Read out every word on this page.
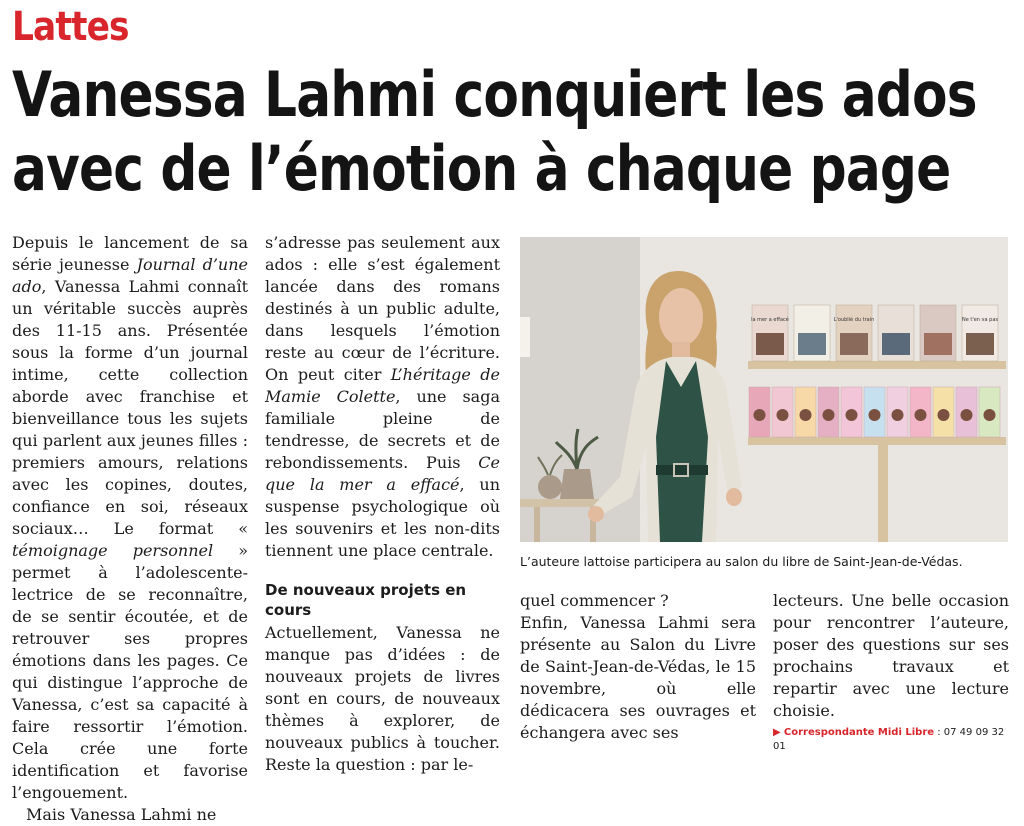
Lattes
Vanessa Lahmi conquiert les ados
avec de l’émotion à chaque page

Depuis le lancement de sa série jeunesse Journal d’une ado, Vanessa Lahmi connaît un véritable succès auprès des 11-15 ans. Présentée sous la forme d’un journal intime, cette collection aborde avec franchise et bienveillance tous les sujets qui parlent aux jeunes filles : premiers amours, relations avec les copines, doutes, confiance en soi, réseaux sociaux… Le format « témoignage personnel » permet à l’adolescente-lectrice de se reconnaître, de se sentir écoutée, et de retrouver ses propres émotions dans les pages. Ce qui distingue l’approche de Vanessa, c’est sa capacité à faire ressortir l’émotion. Cela crée une forte identification et favorise l’engouement.

Mais Vanessa Lahmi ne

s’adresse pas seulement aux ados : elle s’est également lancée dans des romans destinés à un public adulte, dans lesquels l’émotion reste au cœur de l’écriture. On peut citer L’héritage de Mamie Colette, une saga familiale pleine de tendresse, de secrets et de rebondissements. Puis Ce que la mer a effacé, un suspense psychologique où les souvenirs et les non-dits tiennent une place centrale.

De nouveaux projets en cours

Actuellement, Vanessa ne manque pas d’idées : de nouveaux projets de livres sont en cours, de nouveaux thèmes à explorer, de nouveaux publics à toucher. Reste la question : par le-

la mer a effacé	L'oublié du train	Ne t'en va pas
L’auteure lattoise participera au salon du libre de Saint-Jean-de-Védas.

quel commencer ?

Enfin, Vanessa Lahmi sera présente au Salon du Livre de Saint-Jean-de-Védas, le 15 novembre, où elle dédicacera ses ouvrages et échangera avec ses

lecteurs. Une belle occasion pour rencontrer l’auteure, poser des questions sur ses prochains travaux et repartir avec une lecture choisie.

▶ Correspondante Midi Libre : 07 49 09 32 01
